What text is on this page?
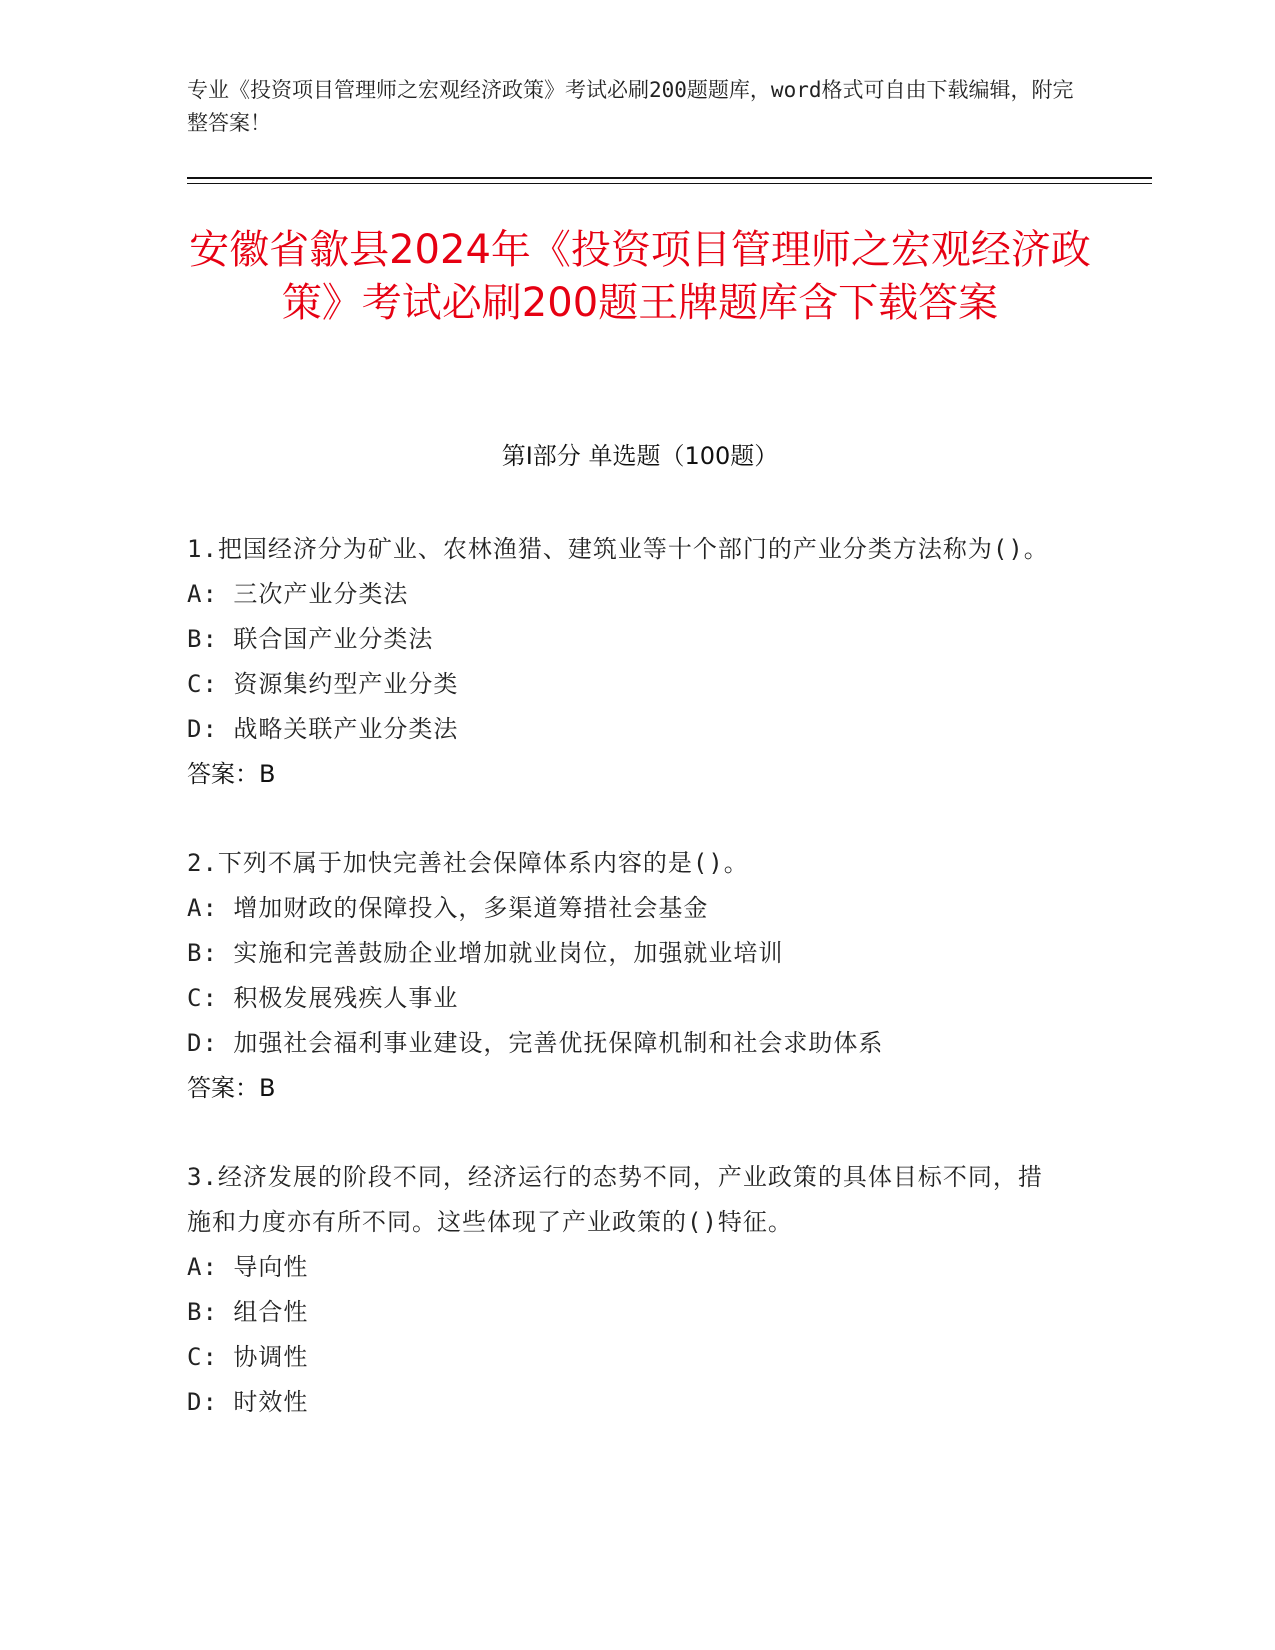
专业《投资项目管理师之宏观经济政策》考试必刷200题题库，word格式可自由下载编辑，附完整答案！
安徽省歙县2024年《投资项目管理师之宏观经济政策》考试必刷200题王牌题库含下载答案
第I部分 单选题（100题）
1.把国经济分为矿业、农林渔猎、建筑业等十个部门的产业分类方法称为()。
A: 三次产业分类法
B: 联合国产业分类法
C: 资源集约型产业分类
D: 战略关联产业分类法
答案：B
2.下列不属于加快完善社会保障体系内容的是()。
A: 增加财政的保障投入，多渠道筹措社会基金
B: 实施和完善鼓励企业增加就业岗位，加强就业培训
C: 积极发展残疾人事业
D: 加强社会福利事业建设，完善优抚保障机制和社会求助体系
答案：B
3.经济发展的阶段不同，经济运行的态势不同，产业政策的具体目标不同，措施和力度亦有所不同。这些体现了产业政策的()特征。
A: 导向性
B: 组合性
C: 协调性
D: 时效性
